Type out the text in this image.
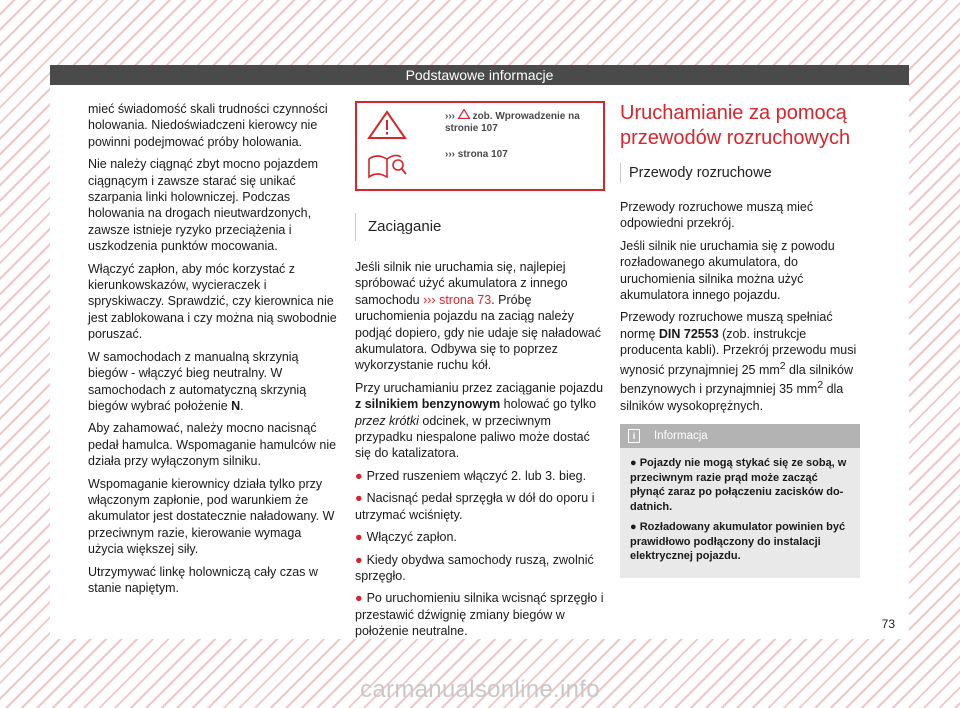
Podstawowe informacje

mieć świadomość skali trudności czynności holowania. Niedoświadczeni kierowcy nie powinni podejmować próby holowania.

Nie należy ciągnąć zbyt mocno pojazdem ciągnącym i zawsze starać się unikać szarpania linki holowniczej. Podczas holowania na drogach nieutwardzonych, zawsze istnieje ryzyko przeciążenia i uszkodzenia punktów mocowania.

Włączyć zapłon, aby móc korzystać z kierunkowskazów, wycieraczek i spryskiwaczy. Sprawdzić, czy kierownica nie jest zablokowana i czy można nią swobodnie poruszać.

W samochodach z manualną skrzynią biegów - włączyć bieg neutralny. W samochodach z automatyczną skrzynią biegów wybrać położenie N.

Aby zahamować, należy mocno nacisnąć pedał hamulca. Wspomaganie hamulców nie działa przy wyłączonym silniku.

Wspomaganie kierownicy działa tylko przy włączonym zapłonie, pod warunkiem że akumulator jest dostatecznie naładowany. W przeciwnym razie, kierowanie wymaga użycia większej siły.

Utrzymywać linkę holowniczą cały czas w stanie napiętym.

››› zob. Wprowadzenie na stronie 107
››› strona 107
Zaciąganie

Jeśli silnik nie uruchamia się, najlepiej spróbować użyć akumulatora z innego samochodu ››› strona 73. Próbę uruchomienia pojazdu na zaciąg należy podjąć dopiero, gdy nie udaje się naładować akumulatora. Odbywa się to poprzez wykorzystanie ruchu kół.

Przy uruchamianiu przez zaciąganie pojazdu z silnikiem benzynowym holować go tylko przez krótki odcinek, w przeciwnym przypadku niespalone paliwo może dostać się do katalizatora.

● Przed ruszeniem włączyć 2. lub 3. bieg.

● Nacisnąć pedał sprzęgła w dół do oporu i utrzymać wciśnięty.

● Włączyć zapłon.

● Kiedy obydwa samochody ruszą, zwolnić sprzęgło.

● Po uruchomieniu silnika wcisnąć sprzęgło i przestawić dźwignię zmiany biegów w położenie neutralne.

Uruchamianie za pomocą przewodów rozruchowych
Przewody rozruchowe

Przewody rozruchowe muszą mieć odpowiedni przekrój.

Jeśli silnik nie uruchamia się z powodu rozładowanego akumulatora, do uruchomienia silnika można użyć akumulatora innego pojazdu.

Przewody rozruchowe muszą spełniać normę DIN 72553 (zob. instrukcje producenta kabli). Przekrój przewodu musi wynosić przynajmniej 25 $mm^2$ dla silników benzynowych i przynajmniej 35 $mm^2$ dla silników wysokoprężnych.

i	Informacja

● Pojazdy nie mogą stykać się ze sobą, w przeciwnym razie prąd może zacząć płynąć zaraz po połączeniu zacisków do-datnich.

● Rozładowany akumulator powinien być prawidłowo podłączony do instalacji elektrycznej pojazdu.

73
carmanualsonline.info
